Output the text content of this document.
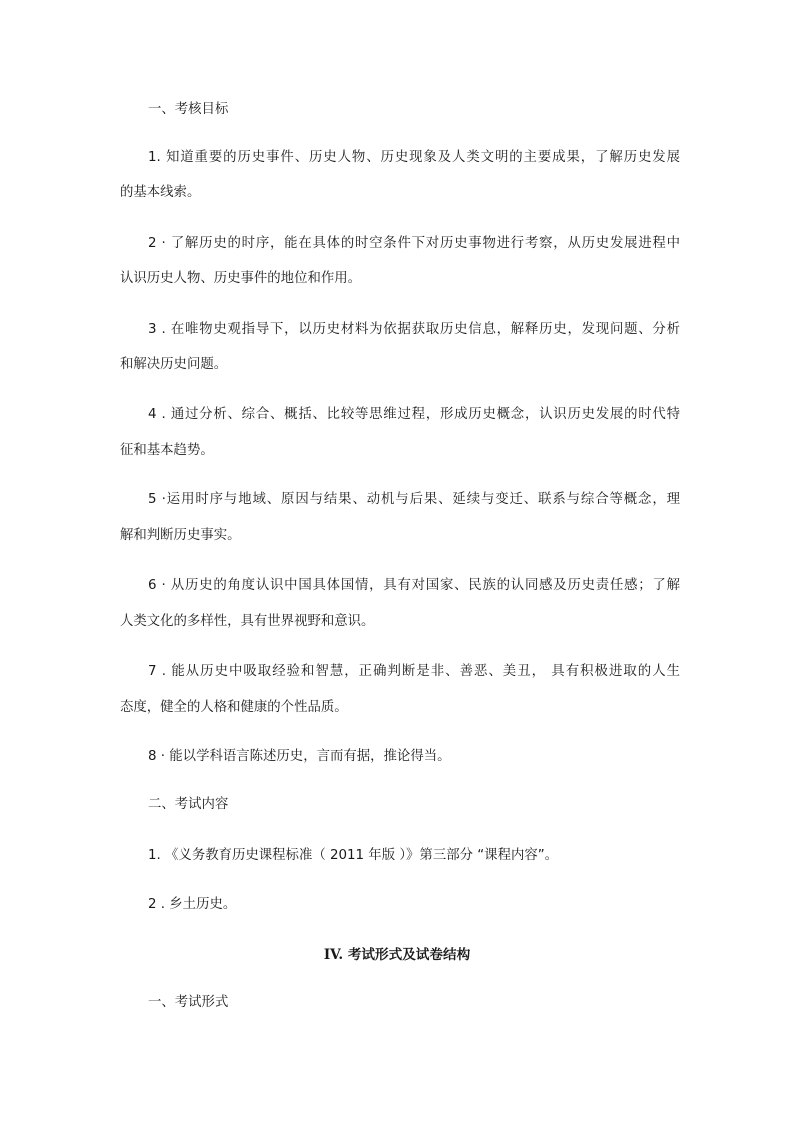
一、考核目标
1. 知道重要的历史事件、历史人物、历史现象及人类文明的主要成果，了解历史发展
的基本线索。
2 · 了解历史的时序，能在具体的时空条件下对历史事物进行考察，从历史发展进程中
认识历史人物、历史事件的地位和作用。
3 . 在唯物史观指导下，以历史材料为依据获取历史信息，解释历史，发现问题、分析
和解决历史问题。
4 . 通过分析、综合、概括、比较等思维过程，形成历史概念，认识历史发展的时代特
征和基本趋势。
5 ·运用时序与地域、原因与结果、动机与后果、延续与变迁、联系与综合等概念，理
解和判断历史事实。
6 · 从历史的角度认识中国具体国情，具有对国家、民族的认同感及历史责任感；了解
人类文化的多样性，具有世界视野和意识。
7 . 能从历史中吸取经验和智慧，正确判断是非、善恶、美丑， 具有积极进取的人生
态度，健全的人格和健康的个性品质。
8 · 能以学科语言陈述历史，言而有据，推论得当。
二、考试内容
1. 《义务教育历史课程标准（ 2011 年版 ）》第三部分 “课程内容”。
2 . 乡土历史。
IV. 考试形式及试卷结构
一、考试形式
